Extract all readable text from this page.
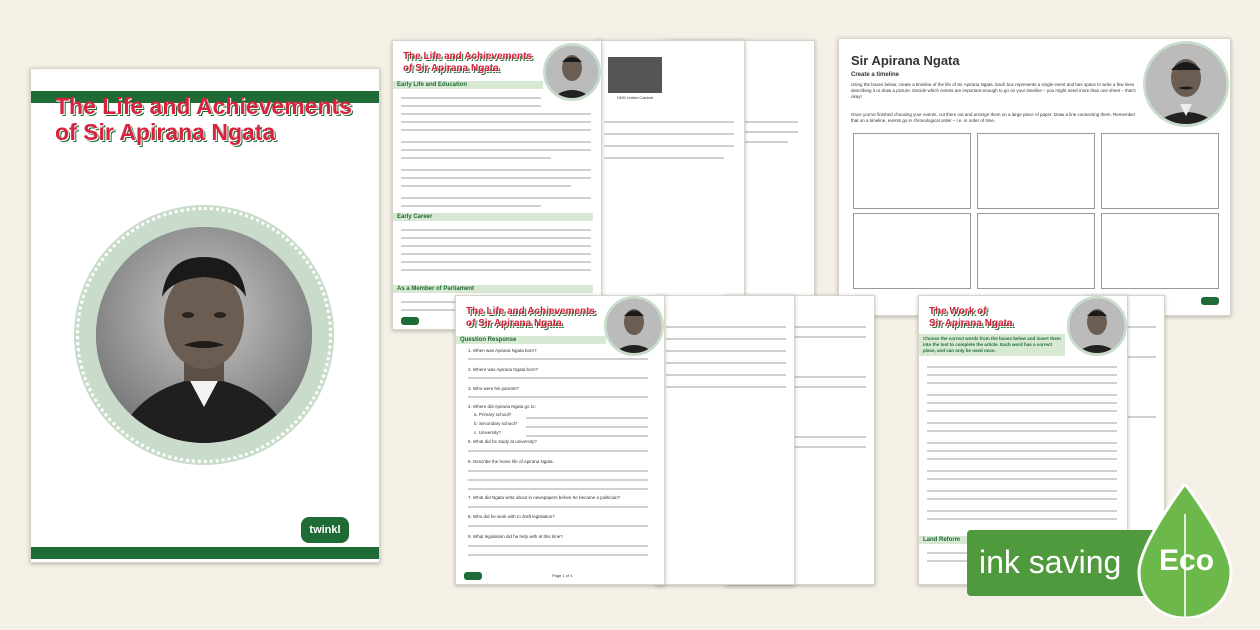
The Life and Achievements
of Sir Apirana Ngata
twinkl
1905 United Cabinet
The Life and Achievements
of Sir Apirana Ngata
Early Life and Education
Early Career
As a Member of Parliament
Sir Apirana Ngata
Create a timeline
Using the boxes below, create a timeline of the life of Sir Apirana Ngata. Each box represents a single event and has space to write a few lines describing it or draw a picture. Decide which events are important enough to go on your timeline – you might need more than one sheet – that's okay!
Once you've finished choosing your events, cut them out and arrange them on a large piece of paper. Draw a line connecting them. Remember that on a timeline, events go in chronological order – i.e. in order of time.
The Life and Achievements
of Sir Apirana Ngata
Question Response
1. When was Apirana Ngata born?
2. Where was Apirana Ngata born?
3. Who were his parents?
4. Where did Apirana Ngata go to:
a. Primary school?
b. Secondary school?
c. University?
5. What did he study at university?
6. Describe the home life of Apirana Ngata.
7. What did Ngata write about in newspapers before he became a politician?
8. Who did he work with to draft legislation?
9. What legislation did he help with at this time?
Page 1 of 4
The Work of
Sir Apirana Ngata
Choose the correct words from the boxes below and insert them into the text to complete the article. Each word has a correct place, and can only be used once.
Land Reform
ink saving Eco
